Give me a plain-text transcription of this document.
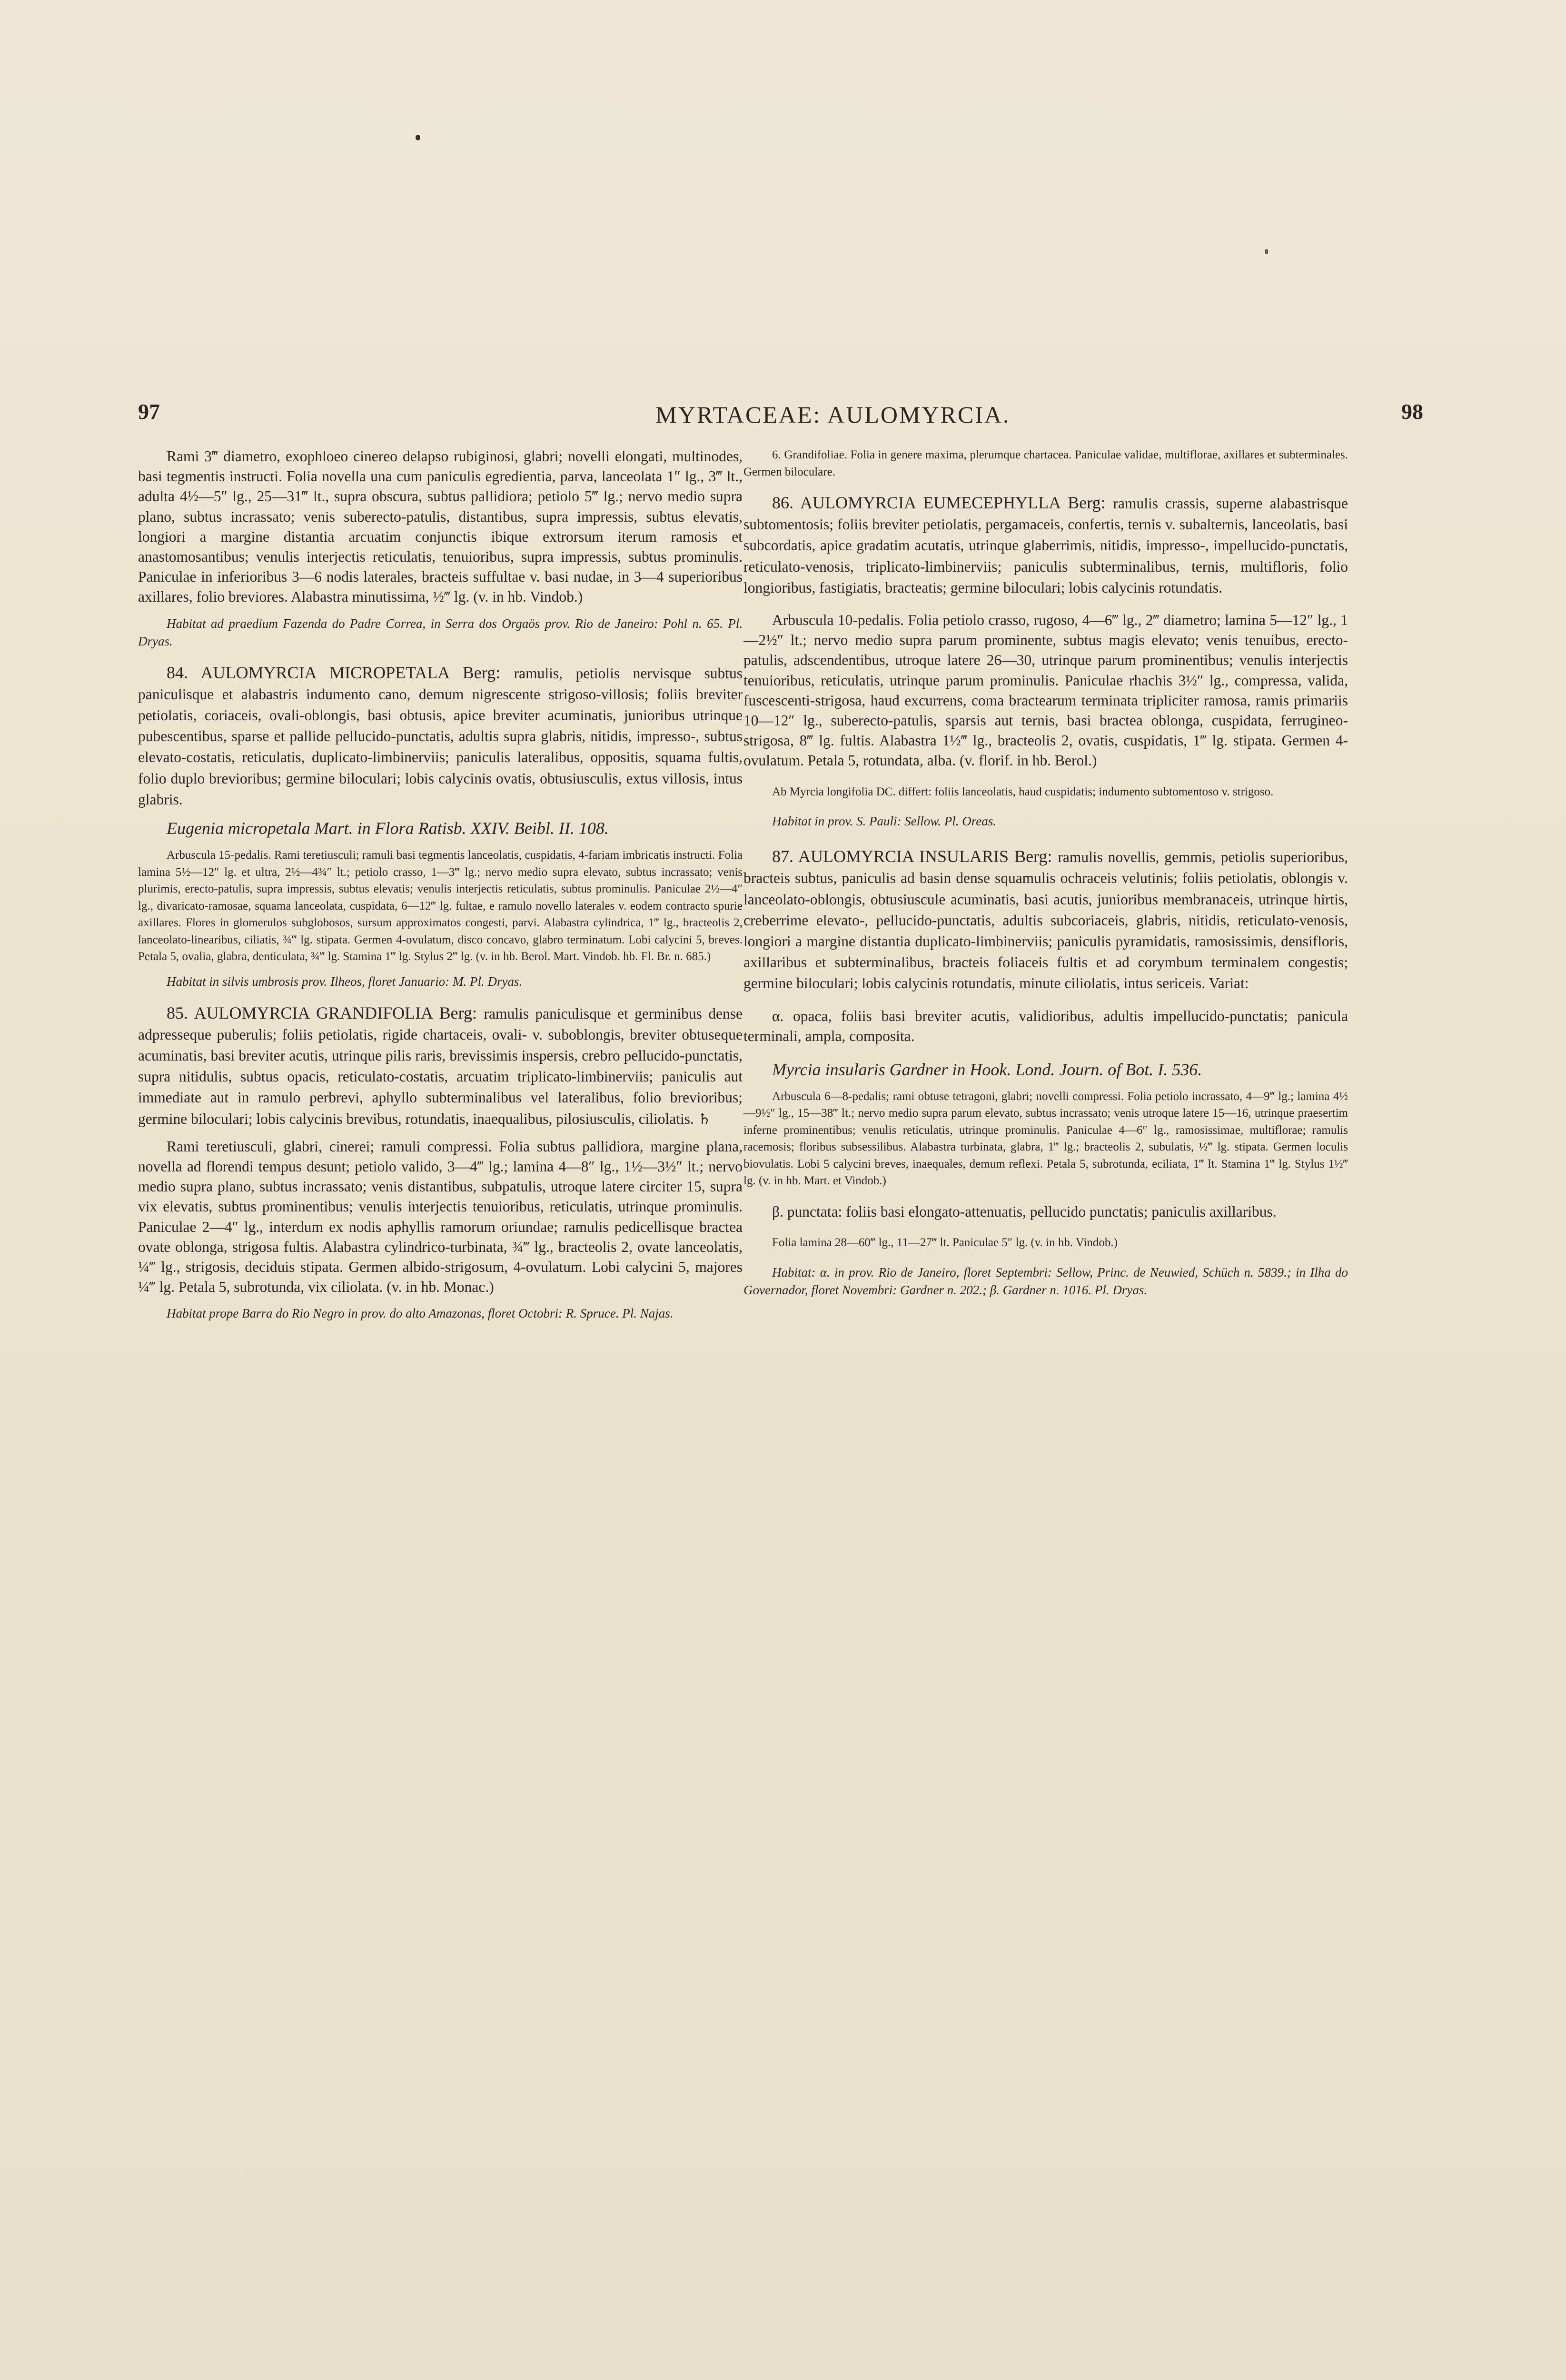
97	MYRTACEAE: AULOMYRCIA.	98

Rami 3‴ diametro, exophloeo cinereo delapso rubiginosi, glabri; novelli elongati, multinodes, basi tegmentis instructi. Folia novella una cum paniculis egredientia, parva, lanceolata 1″ lg., 3‴ lt., adulta 4½—5″ lg., 25—31‴ lt., supra obscura, subtus pallidiora; petiolo 5‴ lg.; nervo medio supra plano, subtus incrassato; venis suberecto-patulis, distantibus, supra impressis, subtus elevatis, longiori a margine distantia arcuatim conjunctis ibique extrorsum iterum ramosis et anastomosantibus; venulis interjectis reticulatis, tenuioribus, supra impressis, subtus prominulis. Paniculae in inferioribus 3—6 nodis laterales, bracteis suffultae v. basi nudae, in 3—4 superioribus axillares, folio breviores. Alabastra minutissima, ½‴ lg. (v. in hb. Vindob.)

Habitat ad praedium Fazenda do Padre Correa, in Serra dos Orgaös prov. Rio de Janeiro: Pohl n. 65. Pl. Dryas.

84. AULOMYRCIA MICROPETALA Berg: ramulis, petiolis nervisque subtus paniculisque et alabastris indumento cano, demum nigrescente strigoso-villosis; foliis breviter petiolatis, coriaceis, ovali-oblongis, basi obtusis, apice breviter acuminatis, junioribus utrinque pubescentibus, sparse et pallide pellucido-punctatis, adultis supra glabris, nitidis, impresso-, subtus elevato-costatis, reticulatis, duplicato-limbinerviis; paniculis lateralibus, oppositis, squama fultis, folio duplo brevioribus; germine biloculari; lobis calycinis ovatis, obtusiusculis, extus villosis, intus glabris.

Eugenia micropetala Mart. in Flora Ratisb. XXIV. Beibl. II. 108.

Arbuscula 15-pedalis. Rami teretiusculi; ramuli basi tegmentis lanceolatis, cuspidatis, 4-fariam imbricatis instructi. Folia lamina 5½—12″ lg. et ultra, 2½—4¾″ lt.; petiolo crasso, 1—3‴ lg.; nervo medio supra elevato, subtus incrassato; venis plurimis, erecto-patulis, supra impressis, subtus elevatis; venulis interjectis reticulatis, subtus prominulis. Paniculae 2½—4″ lg., divaricato-ramosae, squama lanceolata, cuspidata, 6—12‴ lg. fultae, e ramulo novello laterales v. eodem contracto spurie axillares. Flores in glomerulos subglobosos, sursum approximatos congesti, parvi. Alabastra cylindrica, 1‴ lg., bracteolis 2, lanceolato-linearibus, ciliatis, ¾‴ lg. stipata. Germen 4-ovulatum, disco concavo, glabro terminatum. Lobi calycini 5, breves. Petala 5, ovalia, glabra, denticulata, ¾‴ lg. Stamina 1‴ lg. Stylus 2‴ lg. (v. in hb. Berol. Mart. Vindob. hb. Fl. Br. n. 685.)

Habitat in silvis umbrosis prov. Ilheos, floret Januario: M. Pl. Dryas.

85. AULOMYRCIA GRANDIFOLIA Berg: ramulis paniculisque et germinibus dense adpresseque puberulis; foliis petiolatis, rigide chartaceis, ovali- v. suboblongis, breviter obtuseque acuminatis, basi breviter acutis, utrinque pilis raris, brevissimis inspersis, crebro pellucido-punctatis, supra nitidulis, subtus opacis, reticulato-costatis, arcuatim triplicato-limbinerviis; paniculis aut immediate aut in ramulo perbrevi, aphyllo subterminalibus vel lateralibus, folio brevioribus; germine biloculari; lobis calycinis brevibus, rotundatis, inaequalibus, pilosiusculis, ciliolatis. ♄

Rami teretiusculi, glabri, cinerei; ramuli compressi. Folia subtus pallidiora, margine plana, novella ad florendi tempus desunt; petiolo valido, 3—4‴ lg.; lamina 4—8″ lg., 1½—3½″ lt.; nervo medio supra plano, subtus incrassato; venis distantibus, subpatulis, utroque latere circiter 15, supra vix elevatis, subtus prominentibus; venulis interjectis tenuioribus, reticulatis, utrinque prominulis. Paniculae 2—4″ lg., interdum ex nodis aphyllis ramorum oriundae; ramulis pedicellisque bractea ovate oblonga, strigosa fultis. Alabastra cylindrico-turbinata, ¾‴ lg., bracteolis 2, ovate lanceolatis, ¼‴ lg., strigosis, deciduis stipata. Germen albido-strigosum, 4-ovulatum. Lobi calycini 5, majores ¼‴ lg. Petala 5, subrotunda, vix ciliolata. (v. in hb. Monac.)

Habitat prope Barra do Rio Negro in prov. do alto Amazonas, floret Octobri: R. Spruce. Pl. Najas.

6. Grandifoliae. Folia in genere maxima, plerumque chartacea. Paniculae validae, multiflorae, axillares et subterminales. Germen biloculare.

86. AULOMYRCIA EUMECEPHYLLA Berg: ramulis crassis, superne alabastrisque subtomentosis; foliis breviter petiolatis, pergamaceis, confertis, ternis v. subalternis, lanceolatis, basi subcordatis, apice gradatim acutatis, utrinque glaberrimis, nitidis, impresso-, impellucido-punctatis, reticulato-venosis, triplicato-limbinerviis; paniculis subterminalibus, ternis, multifloris, folio longioribus, fastigiatis, bracteatis; germine biloculari; lobis calycinis rotundatis.

Arbuscula 10-pedalis. Folia petiolo crasso, rugoso, 4—6‴ lg., 2‴ diametro; lamina 5—12″ lg., 1—2½″ lt.; nervo medio supra parum prominente, subtus magis elevato; venis tenuibus, erecto-patulis, adscendentibus, utroque latere 26—30, utrinque parum prominentibus; venulis interjectis tenuioribus, reticulatis, utrinque parum prominulis. Paniculae rhachis 3½″ lg., compressa, valida, fuscescenti-strigosa, haud excurrens, coma bractearum terminata tripliciter ramosa, ramis primariis 10—12″ lg., suberecto-patulis, sparsis aut ternis, basi bractea oblonga, cuspidata, ferrugineo-strigosa, 8‴ lg. fultis. Alabastra 1½‴ lg., bracteolis 2, ovatis, cuspidatis, 1‴ lg. stipata. Germen 4-ovulatum. Petala 5, rotundata, alba. (v. florif. in hb. Berol.)

Ab Myrcia longifolia DC. differt: foliis lanceolatis, haud cuspidatis; indumento subtomentoso v. strigoso.

Habitat in prov. S. Pauli: Sellow. Pl. Oreas.

87. AULOMYRCIA INSULARIS Berg: ramulis novellis, gemmis, petiolis superioribus, bracteis subtus, paniculis ad basin dense squamulis ochraceis velutinis; foliis petiolatis, oblongis v. lanceolato-oblongis, obtusiuscule acuminatis, basi acutis, junioribus membranaceis, utrinque hirtis, creberrime elevato-, pellucido-punctatis, adultis subcoriaceis, glabris, nitidis, reticulato-venosis, longiori a margine distantia duplicato-limbinerviis; paniculis pyramidatis, ramosissimis, densifloris, axillaribus et subterminalibus, bracteis foliaceis fultis et ad corymbum terminalem congestis; germine biloculari; lobis calycinis rotundatis, minute ciliolatis, intus sericeis. Variat:

α. opaca, foliis basi breviter acutis, validioribus, adultis impellucido-punctatis; panicula terminali, ampla, composita.

Myrcia insularis Gardner in Hook. Lond. Journ. of Bot. I. 536.

Arbuscula 6—8-pedalis; rami obtuse tetragoni, glabri; novelli compressi. Folia petiolo incrassato, 4—9‴ lg.; lamina 4½—9½″ lg., 15—38‴ lt.; nervo medio supra parum elevato, subtus incrassato; venis utroque latere 15—16, utrinque praesertim inferne prominentibus; venulis reticulatis, utrinque prominulis. Paniculae 4—6″ lg., ramosissimae, multiflorae; ramulis racemosis; floribus subsessilibus. Alabastra turbinata, glabra, 1‴ lg.; bracteolis 2, subulatis, ½‴ lg. stipata. Germen loculis biovulatis. Lobi 5 calycini breves, inaequales, demum reflexi. Petala 5, subrotunda, eciliata, 1‴ lt. Stamina 1‴ lg. Stylus 1½‴ lg. (v. in hb. Mart. et Vindob.)

β. punctata: foliis basi elongato-attenuatis, pellucido punctatis; paniculis axillaribus.

Folia lamina 28—60‴ lg., 11—27‴ lt. Paniculae 5″ lg. (v. in hb. Vindob.)

Habitat: α. in prov. Rio de Janeiro, floret Septembri: Sellow, Princ. de Neuwied, Schüch n. 5839.; in Ilha do Governador, floret Novembri: Gardner n. 202.; β. Gardner n. 1016. Pl. Dryas.
